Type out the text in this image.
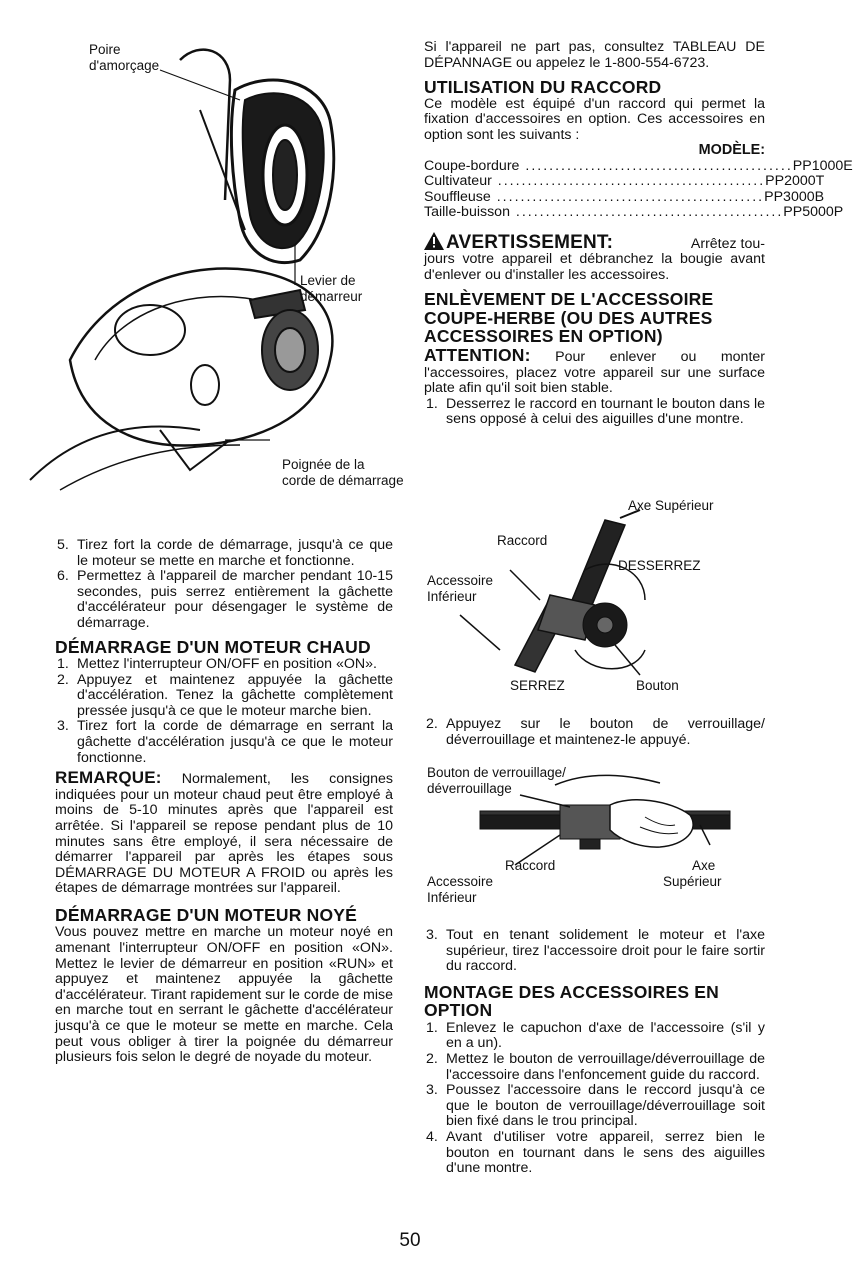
Poire
d'amorçage
Levier de
démarreur
Poignée de la
corde de démarrage
5. Tirez fort la corde de démarrage, jusqu'à ce que le moteur se mette en marche et fonctionne.
6. Permettez à l'appareil de marcher pendant 10-15 secondes, puis serrez entièrement la gâchette d'accélérateur pour désengager le système de démarrage.

DÉMARRAGE D'UN MOTEUR CHAUD

1. Mettez l'interrupteur ON/OFF en position «ON».
2. Appuyez et maintenez appuyée la gâchette d'accélération. Tenez la gâchette complètement pressée jusqu'à ce que le moteur marche bien.
3. Tirez fort la corde de démarrage en serrant la gâchette d'accélération jusqu'à ce que le moteur fonctionne.

REMARQUE: Normalement, les consignes indiquées pour un moteur chaud peut être employé à moins de 5-10 minutes après que l'appareil est arrêtée. Si l'appareil se repose pendant plus de 10 minutes sans être employé, il sera nécessaire de démarrer l'appareil par après les étapes sous DÉMARRAGE DU MOTEUR A FROID ou après les étapes de démarrage montrées sur l'appareil.

DÉMARRAGE D'UN MOTEUR NOYÉ

Vous pouvez mettre en marche un moteur noyé en amenant l'interrupteur ON/OFF en position «ON». Mettez le levier de démarreur en position «RUN» et appuyez et maintenez appuyée la gâchette d'accélérateur. Tirant rapidement sur le corde de mise en marche tout en serrant le gâchette d'accélérateur jusqu'à ce que le moteur se mette en marche. Cela peut vous obliger à tirer la poignée du démarreur plusieurs fois selon le degré de noyade du moteur.

Si l'appareil ne part pas, consultez TABLEAU DE DÉPANNAGE ou appelez le 1-800-554-6723.

UTILISATION DU RACCORD

Ce modèle est équipé d'un raccord qui permet la fixation d'accessoires en option. Ces accessoires en option sont les suivants :

MODÈLE:
Coupe-bordure ............................................. PP1000E
Cultivateur ............................................. PP2000T
Souffleuse ............................................. PP3000B
Taille-buisson ............................................. PP5000P
AVERTISSEMENT:	Arrêtez tou-

jours votre appareil et débranchez la bougie avant d'enlever ou d'installer les accessoires.

ENLÈVEMENT DE L'ACCESSOIRE COUPE-HERBE (OU DES AUTRES ACCESSOIRES EN OPTION)

ATTENTION: Pour enlever ou monter l'accessoires, placez votre appareil sur une surface plate afin qu'il soit bien stable.

1. Desserrez le raccord en tournant le bouton dans le sens opposé à celui des aiguilles d'une montre.
Axe Supérieur
Raccord
DESSERREZ
Accessoire
Inférieur
SERREZ	Bouton
2. Appuyez sur le bouton de verrouillage/ déverrouillage et maintenez-le appuyé.
Bouton de verrouillage/
déverrouillage
Raccord	Axe
Supérieur
Accessoire
Inférieur
3. Tout en tenant solidement le moteur et l'axe supérieur, tirez l'accessoire droit pour le faire sortir du raccord.

MONTAGE DES ACCESSOIRES EN OPTION

1. Enlevez le capuchon d'axe de l'accessoire (s'il y en a un).
2. Mettez le bouton de verrouillage/déverrouillage de l'accessoire dans l'enfoncement guide du raccord.
3. Poussez l'accessoire dans le reccord jusqu'à ce que le bouton de verrouillage/déverrouillage soit bien fixé dans le trou principal.
4. Avant d'utiliser votre appareil, serrez bien le bouton en tournant dans le sens des aiguilles d'une montre.
50
